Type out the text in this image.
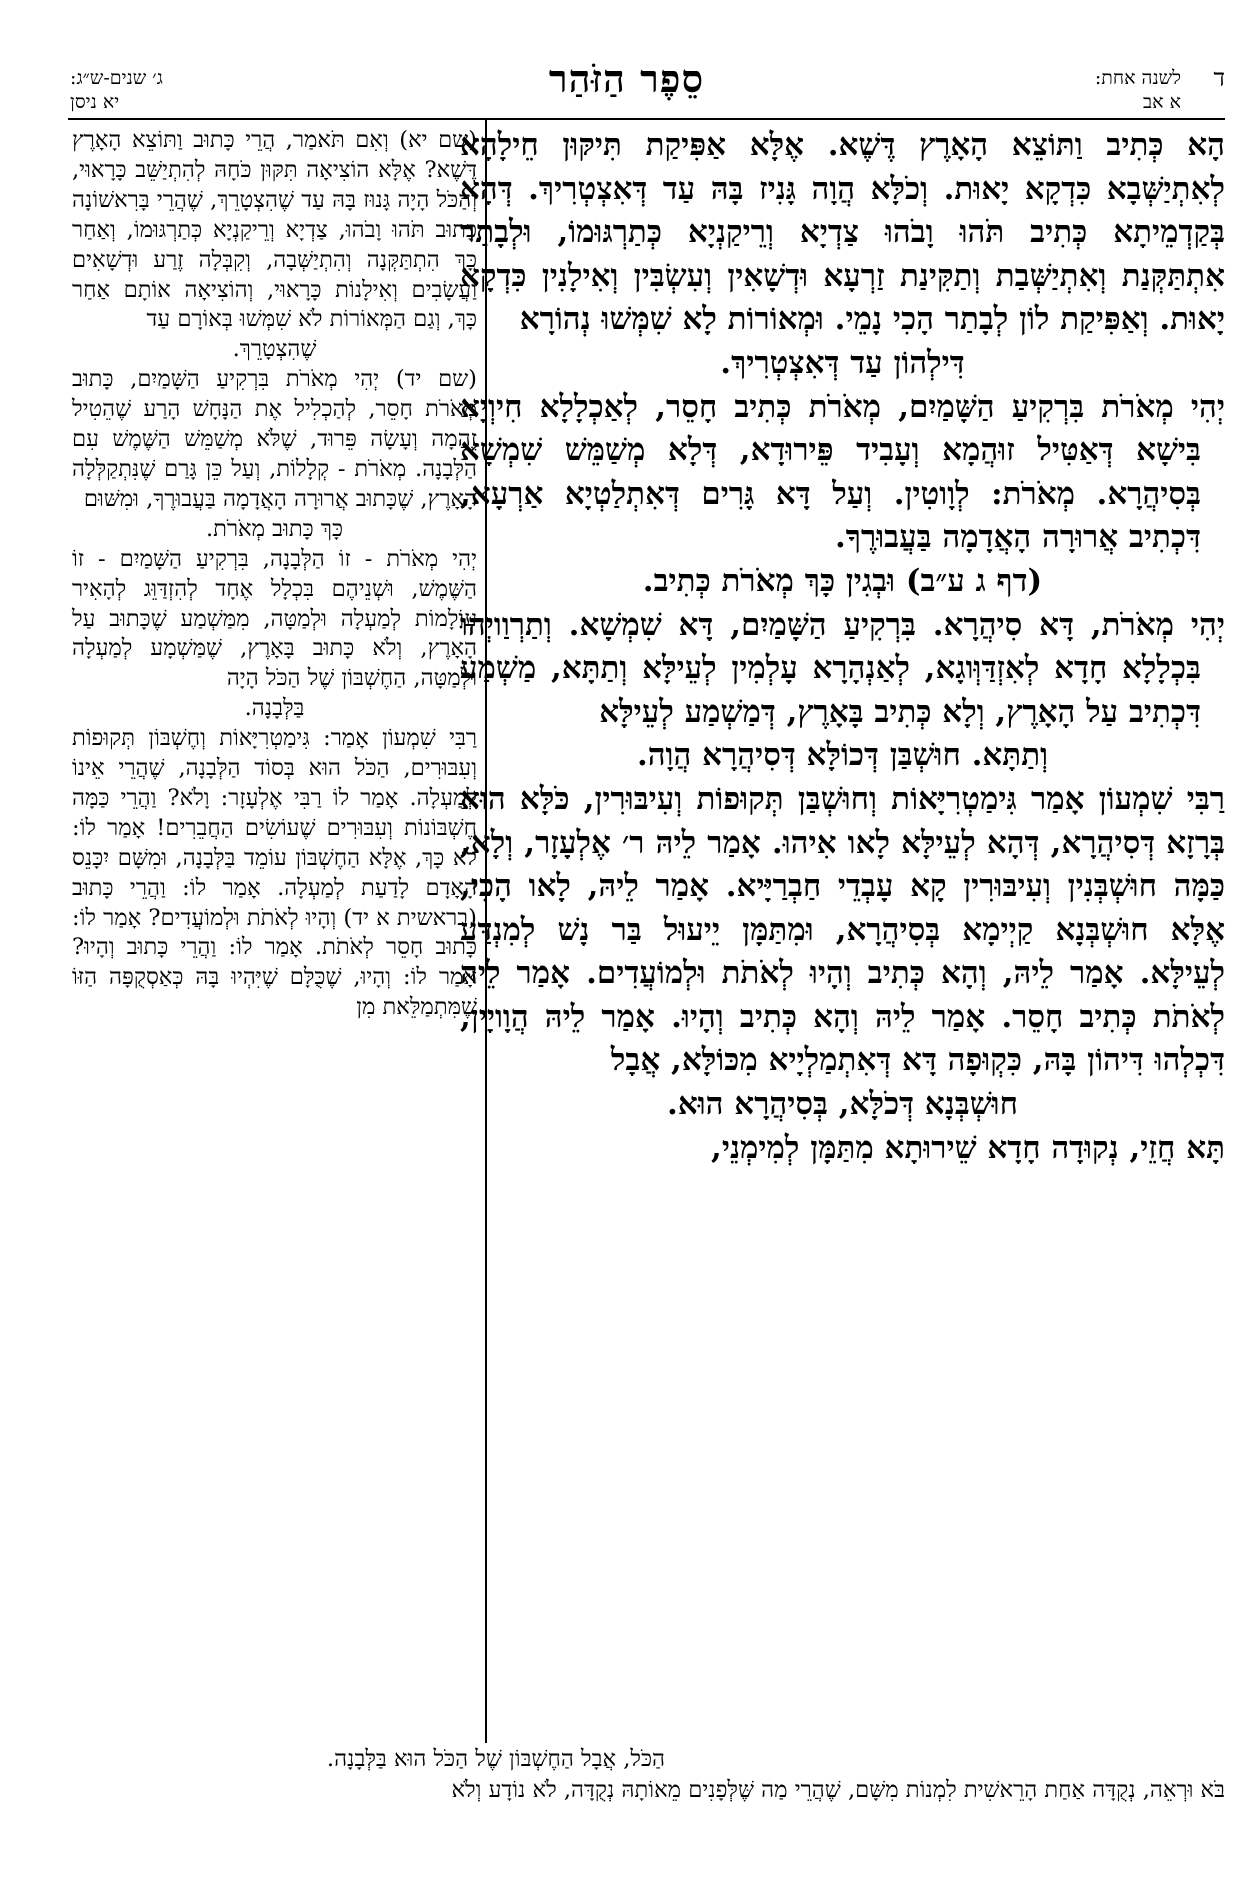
ד
לשנה אחת:
א אב
סֵפֶר הַזֹּהַר
ג׳ שנים-ש״ג:
יא ניסן

הָא כְּתִיב וַתּוֹצֵא הָאָרֶץ דֶּשֶׁא. אֶלָּא אַפִּיקַת תִּיקּוּן חֵילָהָא לְאִתְיַשְּׁבָא כִּדְקָא יָאוּת. וְכֹלָּא הֲוָה גָּנִיז בָּהּ עַד דְּאִצְטְרִיךְ. דְּהָא בְּקַדְמֵיתָא כְּתִיב תֹּהוּ וָבֹהוּ צַדְיָא וְרֵיקַנְיָא כְּתַרְגּוּמוֹ, וּלְבָתַר אִתְתַּקְּנַת וְאִתְיַשְּׁבַת וְתַקִּינַת זַרְעָא וּדְשָׁאִין וְעִשְׂבִּין וְאִילָנִין כִּדְקָא יָאוּת. וְאַפִּיקַת לוֹן לְבָתַר הָכִי נָמֵי. וּמְאוֹרוֹת לָא שִׁמְּשׁוּ נְהוֹרָא

דִּילְהוֹן עַד דְּאִצְטְרִיךְ.

יְהִי מְאֹרֹת בִּרְקִיעַ הַשָּׁמַיִם, מְאֹרֹת כְּתִיב חָסֵר, לְאַכְלָלָא חִיוְיָא בִּישָׁא דְּאַטִּיל זוּהֲמָא וְעָבִיד פֵּירוּדָא, דְּלָא מְשַׁמֵּשׁ שִׁמְשָׁא בְּסִיהֲרָא. מְאֹרֹת: לְוָוטִין. וְעַל דָּא גָּרִים דְּאִתְלַטְיָא אַרְעָא, דִּכְתִיב אֲרוּרָה הָאֲדָמָה בַּעֲבוּרֶךָ.

(דף ג ע״ב) וּבְגִין כָּךְ מְאֹרֹת כְּתִיב.

יְהִי מְאֹרֹת, דָּא סִיהֲרָא. בִּרְקִיעַ הַשָּׁמַיִם, דָּא שִׁמְשָׁא. וְתַרְוַויְהוּ בִּכְלָלָא חָדָא לְאִזְדַּוְּוגָא, לְאַנְהָרָא עָלְמִין לְעֵילָּא וְתַתָּא, מַשְׁמַע דִּכְתִיב עַל הָאָרֶץ, וְלָא כְּתִיב בָּאָרֶץ, דְּמַשְׁמַע לְעֵילָּא

וְתַתָּא. חוּשְׁבַּן דְּכוֹלָּא דְּסִיהֲרָא הֲוָה.

רַבִּי שִׁמְעוֹן אָמַר גִּימַטְרִיָּאוֹת וְחוּשְׁבַּן תְּקוּפוֹת וְעִיבּוּרִין, כֹּלָּא הוּא בְּרָזָא דְּסִיהֲרָא, דְּהָא לְעֵילָּא לָאו אִיהוּ. אָמַר לֵיהּ ר׳ אֶלְעָזָר, וְלָא, כַּמָּה חוּשְׁבְּנִין וְעִיבּוּרִין קָא עָבְדֵי חַבְרַיָּיא. אָמַר לֵיהּ, לָאו הָכִי, אֶלָּא חוּשְׁבְּנָא קַיְימָא בְּסִיהֲרָא, וּמִתַּמָּן יֵיעוּל בַּר נָשׁ לְמִנְדַּע לְעֵילָּא. אָמַר לֵיהּ, וְהָא כְּתִיב וְהָיוּ לְאֹתֹת וּלְמוֹעֲדִים. אָמַר לֵיהּ לְאֹתֹת כְּתִיב חָסֵר. אָמַר לֵיהּ וְהָא כְּתִיב וְהָיוּ. אָמַר לֵיהּ הֲוָויָין, דִּכְלְהוּ דִּיהוֹן בָּהּ, כִּקְוּפָה דָּא דְּאִתְמַלְיָיא מִכּוֹלָּא, אֲבָל

חוּשְׁבְּנָא דְּכֹלָּא, בְּסִיהֲרָא הוּא.

תָּא חֲזֵי, נְקוּדָה חָדָא שֵׁירוּתָא מִתַּמָּן לְמִימְנֵי,

(שם יא) וְאִם תֹּאמַר, הֲרֵי כָּתוּב וַתּוֹצֵא הָאָרֶץ דֶּשֶׁא? אֶלָּא הוֹצִיאָה תִּקּוּן כֹּחָהּ לְהִתְיַשֵּׁב כָּרָאוּי, וְהַכֹּל הָיָה גָּנוּז בָּהּ עַד שֶׁהִצְטָרֵךְ, שֶׁהֲרֵי בָּרִאשׁוֹנָה כָּתוּב תֹּהוּ וָבֹהוּ, צַדְיָא וְרֵיקַנְיָא כְּתַרְגּוּמוֹ, וְאַחַר כָּךְ הִתְתַּקְּנָה וְהִתְיַשְּׁבָה, וְקִבְּלָה זֶרַע וּדְשָׁאִים וַעֲשָׂבִים וְאִילָנוֹת כָּרָאוּי, וְהוֹצִיאָה אוֹתָם אַחַר כָּךְ, וְגַם הַמְּאוֹרוֹת לֹא שִׁמְּשׁוּ בְּאוֹרָם עַד

שֶׁהִצְטָרֵךְ.

(שם יד) יְהִי מְאֹרֹת בִּרְקִיעַ הַשָּׁמַיִם, כָּתוּב מְאֹרֹת חָסֵר, לְהַכְלִיל אֶת הַנָּחָשׁ הָרַע שֶׁהֵטִיל זֻהֲמָה וְעָשָׂה פֵּרוּד, שֶׁלֹּא מְשַׁמֵּשׁ הַשֶּׁמֶשׁ עִם הַלְּבָנָה. מְאֹרֹת - קְלָלוֹת, וְעַל כֵּן גָּרַם שֶׁנִּתְקַלְּלָה הָאָרֶץ, שֶׁכָּתוּב אֲרוּרָה הָאֲדָמָה בַּעֲבוּרֶךָ, וּמִשּׁוּם

כָּךְ כָּתוּב מְאֹרֹת.

יְהִי מְאֹרֹת - זוֹ הַלְּבָנָה, בִּרְקִיעַ הַשָּׁמַיִם - זוֹ הַשֶּׁמֶשׁ, וּשְׁנֵיהֶם בִּכְלָל אֶחָד לְהִזְדַּוֵּג לְהָאִיר עוֹלָמוֹת לְמַעְלָה וּלְמַטָּה, מִמַּשְׁמַע שֶׁכָּתוּב עַל הָאָרֶץ, וְלֹא כָּתוּב בָּאָרֶץ, שֶׁמַּשְׁמָע לְמַעְלָה וּלְמַטָּה, הַחֶשְׁבּוֹן שֶׁל הַכֹּל הָיָה

בַּלְּבָנָה.

רַבִּי שִׁמְעוֹן אָמַר: גִּימַטְרִיָּאוֹת וְחֶשְׁבּוֹן תְּקוּפוֹת וְעִבּוּרִים, הַכֹּל הוּא בְּסוֹד הַלְּבָנָה, שֶׁהֲרֵי אֵינוֹ לְמַעְלָה. אָמַר לוֹ רַבִּי אֶלְעָזָר: וָלֹא? וַהֲרֵי כַּמָּה חֶשְׁבּוֹנוֹת וְעִבּוּרִים שֶׁעוֹשִׂים הַחֲבֵרִים! אָמַר לוֹ: לֹא כָּךְ, אֶלָּא הַחֶשְׁבּוֹן עוֹמֵד בַּלְּבָנָה, וּמִשָּׁם יִכָּנֵס הָאָדָם לָדַעַת לְמַעְלָה. אָמַר לוֹ: וַהֲרֵי כָּתוּב (בראשית א יד) וְהָיוּ לְאֹתֹת וּלְמוֹעֲדִים? אָמַר לוֹ: כָּתוּב חָסֵר לְאֹתֹת. אָמַר לוֹ: וַהֲרֵי כָּתוּב וְהָיוּ? אָמַר לוֹ: וְהָיוּ, שֶׁכֻּלָּם שֶׁיִּהְיוּ בָּהּ כְּאַסְקֻפָּה הַזּוֹ שֶׁמִּתְמַלֵּאת מִן

הַכֹּל, אֲבָל הַחֶשְׁבּוֹן שֶׁל הַכֹּל הוּא בַּלְּבָנָה.

בֹּא וּרְאֵה, נְקֻדָּה אַחַת הָרֵאשִׁית לִמְנוֹת מִשָּׁם, שֶׁהֲרֵי מַה שֶּׁלְּפָנִים מֵאוֹתָהּ נְקֻדָּה, לֹא נוֹדָע וְלֹא
